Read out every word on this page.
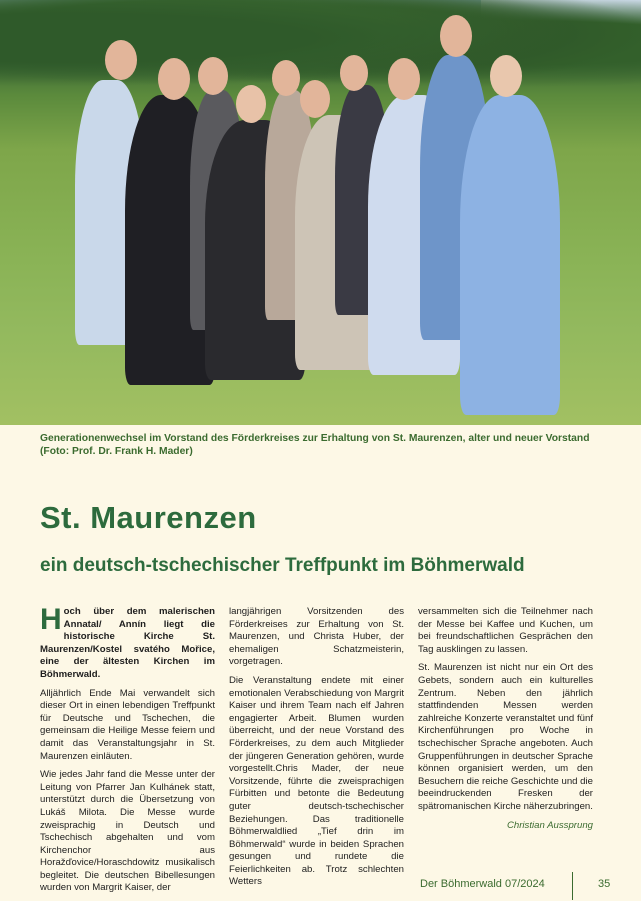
Generationenwechsel im Vorstand des Förderkreises zur Erhaltung von St. Maurenzen, alter und neuer Vorstand
(Foto: Prof. Dr. Frank H. Mader)
St. Maurenzen
ein deutsch-tschechischer Treffpunkt im Böhmerwald

Hoch über dem malerischen Annatal/ Annín liegt die historische Kirche St. Maurenzen/Kostel svatého Mořice, eine der ältesten Kirchen im Böhmerwald.

Alljährlich Ende Mai verwandelt sich dieser Ort in einen lebendigen Treffpunkt für Deutsche und Tschechen, die gemeinsam die Heilige Messe feiern und damit das Veranstaltungsjahr in St. Maurenzen einläuten.

Wie jedes Jahr fand die Messe unter der Leitung von Pfarrer Jan Kulhánek statt, unterstützt durch die Übersetzung von Lukáš Milota. Die Messe wurde zweisprachig in Deutsch und Tschechisch abgehalten und vom Kirchenchor aus Horažďovice/Horaschdowitz musikalisch begleitet. Die deutschen Bibellesungen wurden von Margrit Kaiser, der

langjährigen Vorsitzenden des Förderkreises zur Erhaltung von St. Maurenzen, und Christa Huber, der ehemaligen Schatzmeisterin, vorgetragen.

Die Veranstaltung endete mit einer emotionalen Verabschiedung von Margrit Kaiser und ihrem Team nach elf Jahren engagierter Arbeit. Blumen wurden überreicht, und der neue Vorstand des Förderkreises, zu dem auch Mitglieder der jüngeren Generation gehören, wurde vorgestellt.Chris Mader, der neue Vorsitzende, führte die zweisprachigen Fürbitten und betonte die Bedeutung guter deutsch-tschechischer Beziehungen. Das traditionelle Böhmerwaldlied „Tief drin im Böhmerwald“ wurde in beiden Sprachen gesungen und rundete die Feierlichkeiten ab. Trotz schlechten Wetters

versammelten sich die Teilnehmer nach der Messe bei Kaffee und Kuchen, um bei freundschaftlichen Gesprächen den Tag ausklingen zu lassen.

St. Maurenzen ist nicht nur ein Ort des Gebets, sondern auch ein kulturelles Zentrum. Neben den jährlich stattfindenden Messen werden zahlreiche Konzerte veranstaltet und fünf Kirchenführungen pro Woche in tschechischer Sprache angeboten. Auch Gruppenführungen in deutscher Sprache können organisiert werden, um den Besuchern die reiche Geschichte und die beeindruckenden Fresken der spätromanischen Kirche näherzubringen.

Christian Aussprung

Der Böhmerwald 07/2024	35
